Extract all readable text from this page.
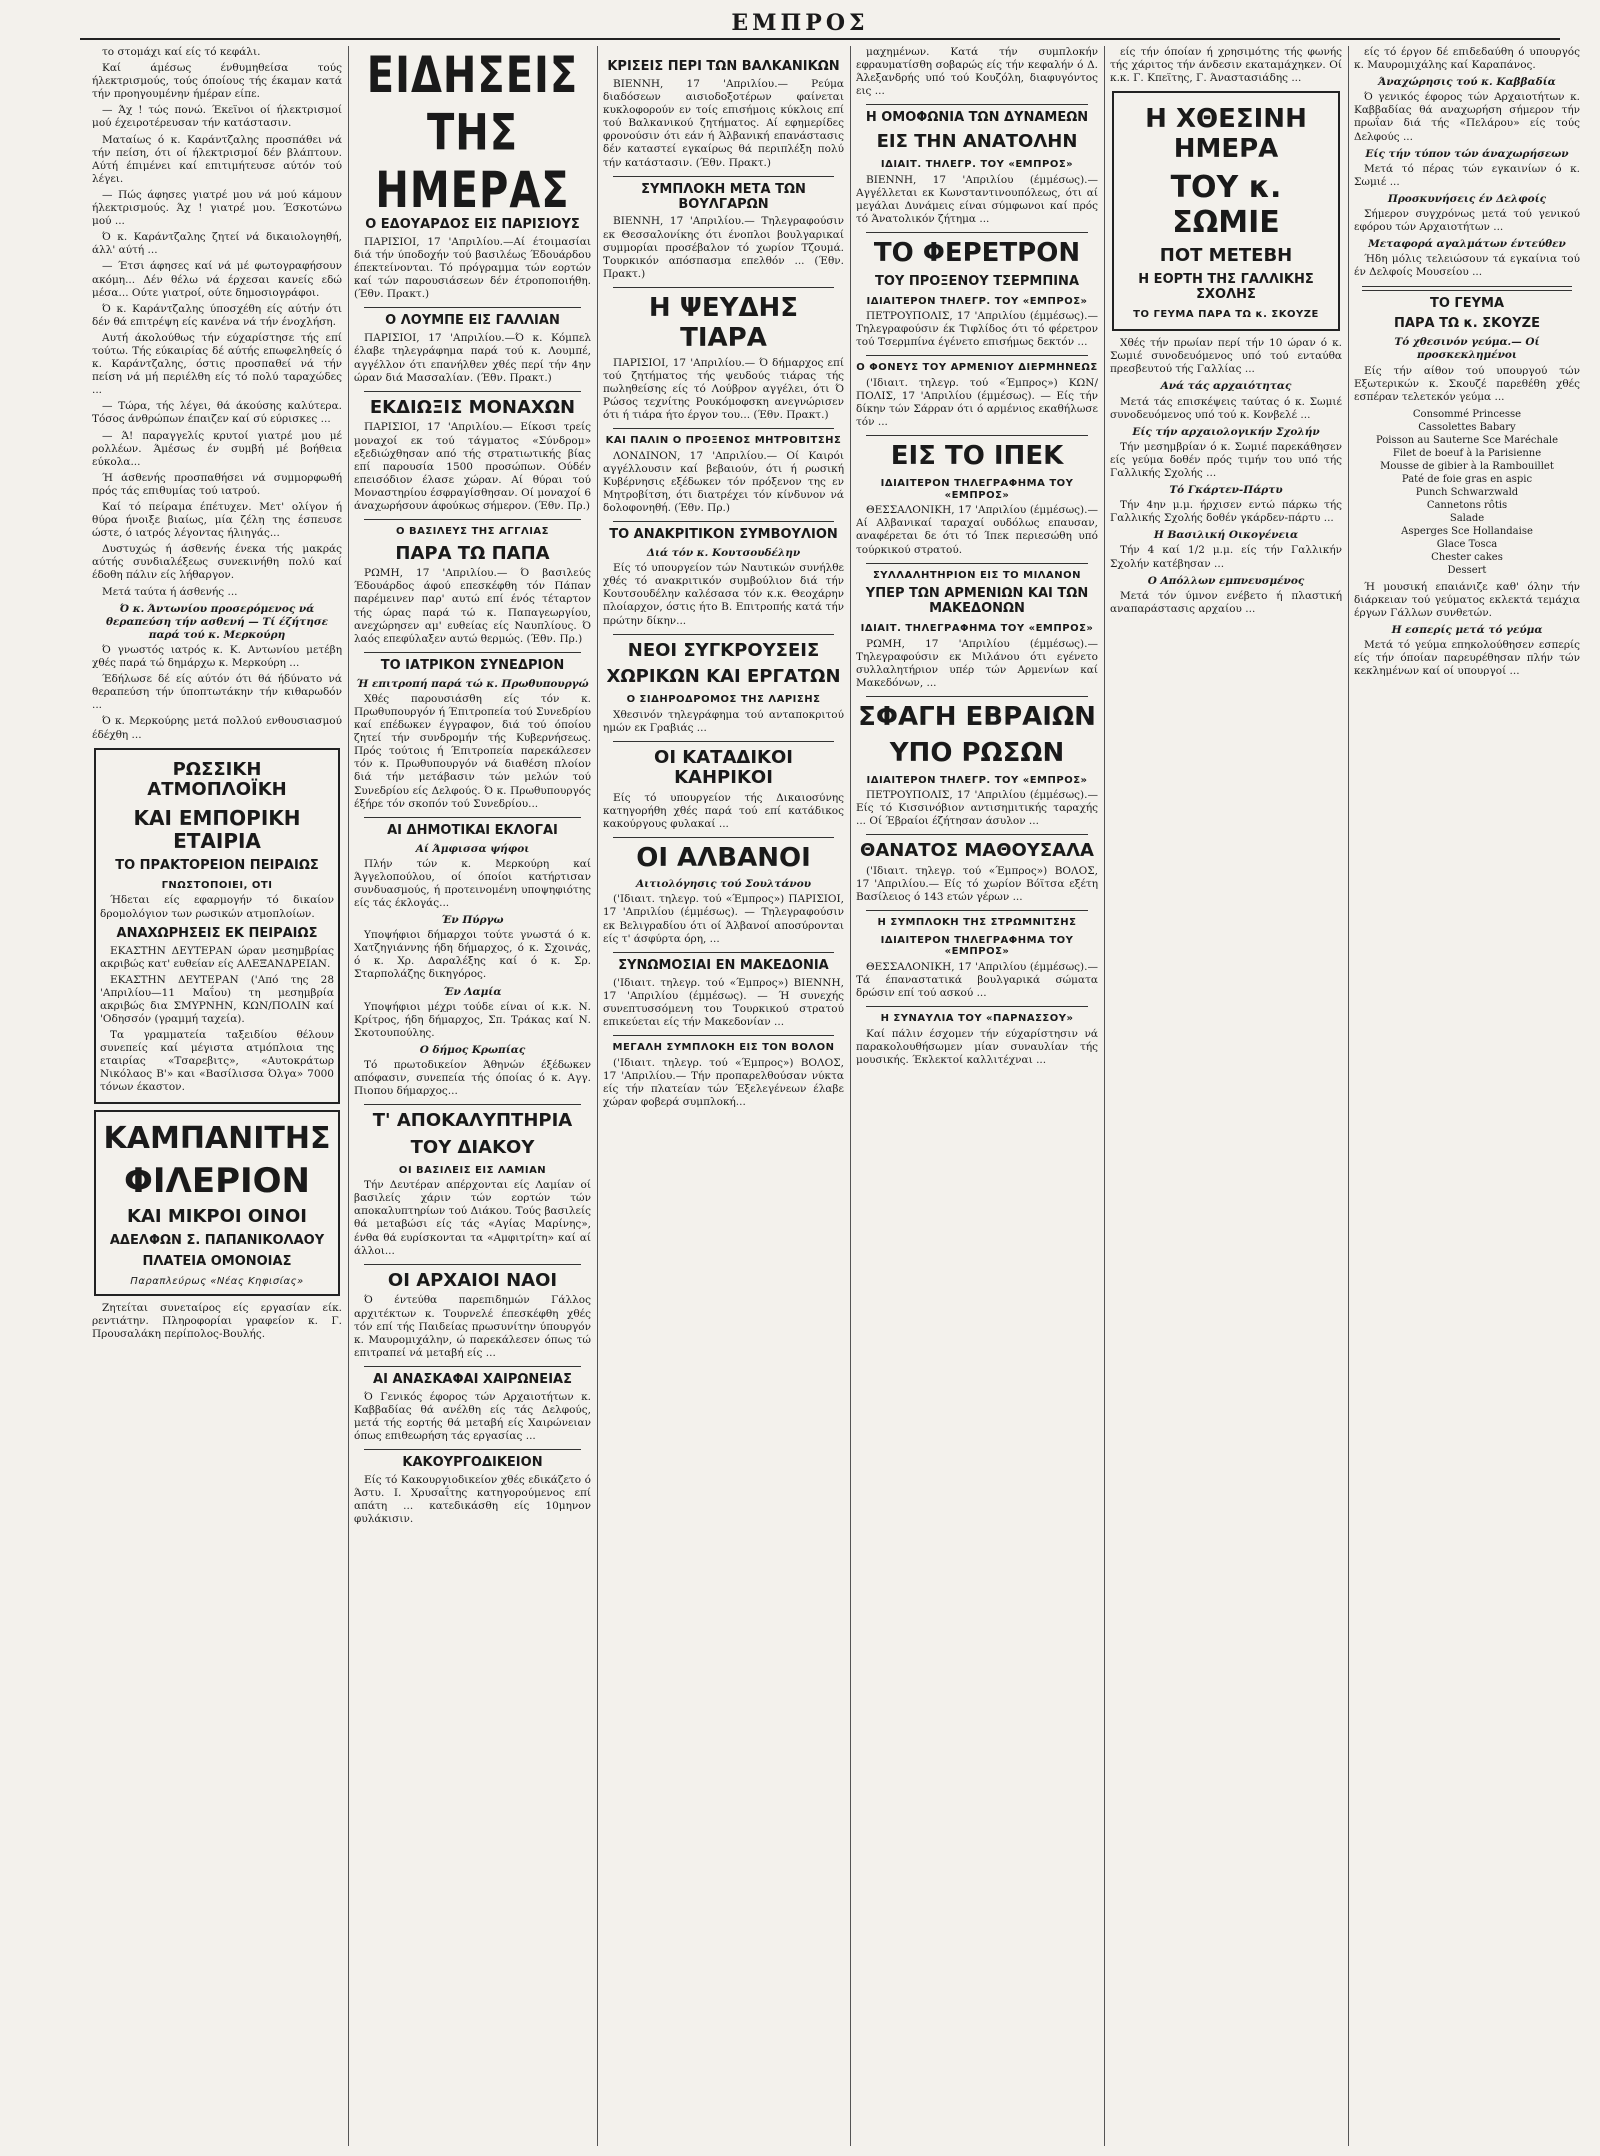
ΕΜΠΡΟΣ

το στομάχι καί είς τό κεφάλι.

Καί άμέσως ένθυμηθείσα τούς ήλεκτρισμούς, τούς όποίους τής έκαμαν κατά τήν προηγουμένην ήμέραν είπε.

— Άχ ! τώς πονώ. Έκεϊνοι οί ήλεκτρισμοί μού έχειροτέρευσαν τήν κατάστασιν.

Ματαίως ό κ. Καράντζαλης προσπάθει νά τήν πείση, ότι οί ήλεκτρισμοί δέν βλάπτουν. Αύτή έπιμένει καί επιτιμήτευσε αύτόν τού λέγει.

— Πώς άφησες γιατρέ μου νά μού κάμουν ήλεκτρισμούς. Άχ ! γιατρέ μου. Έσκοτώνω μού ...

Ό κ. Καράντζαλης ζητεί νά δικαιολογηθή, άλλ' αύτή ...

— Έτσι άφησες καί νά μέ φωτογραφήσουν ακόμη... Δέν θέλω νά έρχεσαι κανείς εδώ μέσα... Ούτε γιατροί, ούτε δημοσιογράφοι.

Ό κ. Καράντζαλης ύποσχέθη είς αύτήν ότι δέν θά επιτρέψη είς κανένα νά τήν ένοχλήση.

Αυτή άκολούθως τήν εύχαρίστησε τής επί τούτω. Τής εύκαιρίας δέ αύτής επωφεληθείς ό κ. Καράντζαλης, όστις προσπαθεί νά τήν πείση νά μή περιέλθη είς τό πολύ ταραχώδες ...

— Τώρα, τής λέγει, θά άκούσης καλύτερα. Τόσος άνθρώπων έπαιζεν καί σύ εύρισκες ...

— Ά! παραγγελίς κρυτοί γιατρέ μου μέ ρολλέων. Άμέσως έν συμβή μέ βοήθεια εύκολα...

Ή άσθενής προσπαθήσει νά συμμορφωθή πρός τάς επιθυμίας τού ιατρού.

Καί τό πείραμα έπέτυχεν. Μετ' ολίγον ή θύρα ήνοιξε βιαίως, μία ζέλη της έσπευσε ώστε, ό ιατρός λέγοντας ήλιηγάς...

Δυστυχώς ή άσθενής ένεκα τής μακράς αύτής συνδιαλέξεως συνεκινήθη πολύ καί έδοθη πάλιν είς λήθαργον.

Μετά ταύτα ή άσθενής ...

Ό κ. Άντωνίου προσερόμενος νά θεραπεύση τήν ασθενή — Τί έζήτησε παρά τού κ. Μερκούρη

Ό γνωστός ιατρός κ. Κ. Αντωνίου μετέβη χθές παρά τώ δημάρχω κ. Μερκούρη ...

Έδήλωσε δέ είς αύτόν ότι θά ήδύνατο νά θεραπεύση τήν ύποπτωτάκην τήν κιθαρωδόν ...

Ό κ. Μερκούρης μετά πολλού ενθουσιασμού έδέχθη ...

ΡΩΣΣΙΚΗ ΑΤΜΟΠΛΟΪΚΗ
ΚΑΙ ΕΜΠΟΡΙΚΗ ΕΤΑΙΡΙΑ
ΤΟ ΠΡΑΚΤΟΡΕΙΟΝ ΠΕΙΡΑΙΩΣ
ΓΝΩΣΤΟΠΟΙΕΙ, ΟΤΙ

Ήδεται είς εφαρμογήν τό δικαίον δρομολόγιον των ρωσικών ατμοπλοίων.

ΑΝΑΧΩΡΗΣΕΙΣ ΕΚ ΠΕΙΡΑΙΩΣ

ΕΚΑΣΤΗΝ ΔΕΥΤΕΡΑΝ ώραν μεσημβρίας ακριβώς κατ' ευθείαν είς ΑΛΕΞΑΝΔΡΕΙΑΝ.

ΕΚΑΣΤΗΝ ΔΕΥΤΕΡΑΝ ('Από της 28 'Απριλίου—11 Μαΐου) τη μεσημβρία ακριβώς δια ΣΜΥΡΝΗΝ, ΚΩΝ/ΠΟΛΙΝ καί 'Οδησσόν (γραμμή ταχεία).

Τα γραμματεία ταξειδίου θέλουν συνεπείς καί μέγιστα ατμόπλοια της εταιρίας «Τσαρεβιτς», «Αυτοκράτωρ Νικόλαος Β'» και «Βασίλισσα Όλγα» 7000 τόνων έκαστον.

ΚΑΜΠΑΝΙΤΗΣ
ΦΙΛΕΡΙΟΝ
ΚΑΙ ΜΙΚΡΟΙ ΟΙΝΟΙ
ΑΔΕΛΦΩΝ Σ. ΠΑΠΑΝΙΚΟΛΑΟΥ
ΠΛΑΤΕΙΑ ΟΜΟΝΟΙΑΣ
Παραπλεύρως «Νέας Κηφισίας»

Ζητείται συνεταίρος είς εργασίαν είκ. ρεντιάτην. Πληροφορίαι γραφείον κ. Γ. Προυσαλάκη περίπολος-Βουλής.

ΕΙΔΗΣΕΙΣ ΤΗΣ ΗΜΕΡΑΣ
Ο ΕΔΟΥΑΡΔΟΣ ΕΙΣ ΠΑΡΙΣΙΟΥΣ

ΠΑΡΙΣΙΟΙ, 17 'Απριλίου.—Αί έτοιμασίαι διά τήν ύποδοχήν τού βασιλέως Έδουάρδου έπεκτείνονται. Τό πρόγραμμα τών εορτών καί τών παρουσιάσεων δέν έτροποποιήθη. (Έθν. Πρακτ.)

Ο ΛΟΥΜΠΕ ΕΙΣ ΓΑΛΛΙΑΝ

ΠΑΡΙΣΙΟΙ, 17 'Απριλίου.—Ό κ. Κόμπελ έλαβε τηλεγράφημα παρά τού κ. Λουμπέ, αγγέλλον ότι επανήλθεν χθές περί τήν 4ην ώραν διά Μασσαλίαν. (Έθν. Πρακτ.)

ΕΚΔΙΩΞΙΣ ΜΟΝΑΧΩΝ

ΠΑΡΙΣΙΟΙ, 17 'Απριλίου.— Είκοσι τρείς μοναχοί εκ τού τάγματος «Σύνδρομ» εξεδιώχθησαν από τής στρατιωτικής βίας επί παρουσία 1500 προσώπων. Ούδέν επεισόδιον έλασε χώραν. Αί θύραι τού Μοναστηρίου έσφραγίσθησαν. Οί μοναχοί 6 άναχωρήσουν άφούκως σήμερον. (Έθν. Πρ.)

Ο ΒΑΣΙΛΕΥΣ ΤΗΣ ΑΓΓΛΙΑΣ
ΠΑΡΑ ΤΩ ΠΑΠΑ

ΡΩΜΗ, 17 'Απριλίου.— Ό βασιλεύς Έδουάρδος άφού επεσκέφθη τόν Πάπαν παρέμεινεν παρ' αυτώ επί ένός τέταρτον τής ώρας παρά τώ κ. Παπαγεωργίου, ανεχώρησεν αμ' ευθείας είς Ναυπλίους. Ό λαός επεφύλαξεν αυτώ θερμώς. (Έθν. Πρ.)

ΤΟ ΙΑΤΡΙΚΟΝ ΣΥΝΕΔΡΙΟΝ
Ή επιτροπή παρά τώ κ. Πρωθυπουργώ

Χθές παρουσιάσθη είς τόν κ. Πρωθυπουργόν ή Έπιτροπεία τού Συνεδρίου καί επέδωκεν έγγραφον, διά τού όποίου ζητεί τήν συνδρομήν τής Κυβερνήσεως. Πρός τούτοις ή Έπιτροπεία παρεκάλεσεν τόν κ. Πρωθυπουργόν νά διαθέση πλοίον διά τήν μετάβασιν τών μελών τού Συνεδρίου είς Δελφούς. Ό κ. Πρωθυπουργός έξήρε τόν σκοπόν τού Συνεδρίου...

ΑΙ ΔΗΜΟΤΙΚΑΙ ΕΚΛΟΓΑΙ
Αί Άμφισσα ψήφοι

Πλήν τών κ. Μερκούρη καί Άγγελοπούλου, οί όποίοι κατήρτισαν συνδυασμούς, ή προτεινομένη υποψηφιότης είς τάς έκλογάς...

Έν Πύργω

Υποψήφιοι δήμαρχοι τούτε γνωστά ό κ. Χατζηγιάννης ήδη δήμαρχος, ό κ. Σχοινάς, ό κ. Χρ. Δαραλέξης καί ό κ. Σρ. Σταρπολάζης δικηγόρος.

Έν Λαμία

Υποψήφιοι μέχρι τούδε είναι οί κ.κ. Ν. Κρίτρος, ήδη δήμαρχος, Σπ. Τράκας καί Ν. Σκοτουπούλης.

Ο δήμος Κρωπίας

Τό πρωτοδικείον Άθηνών έξέδωκεν απόφασιν, συνεπεία τής όποίας ό κ. Αγγ. Πιοπου δήμαρχος...

Τ' ΑΠΟΚΑΛΥΠΤΗΡΙΑ
ΤΟΥ ΔΙΑΚΟΥ
ΟΙ ΒΑΣΙΛΕΙΣ ΕΙΣ ΛΑΜΙΑΝ

Τήν Δευτέραν απέρχονται είς Λαμίαν οί βασιλείς χάριν τών εορτών τών αποκαλυπτηρίων τού Διάκου. Τούς βασιλείς θά μεταβώσι είς τάς «Αγίας Μαρίνης», ένθα θά ευρίσκονται τα «Αμφιτρίτη» καί αί άλλοι...

ΟΙ ΑΡΧΑΙΟΙ ΝΑΟΙ

Ό έντεύθα παρεπιδημών Γάλλος αρχιτέκτων κ. Τουρνελέ έπεσκέφθη χθές τόν επί τής Παιδείας πρωσυνίτην ύπουργόν κ. Μαυρομιχάλην, ώ παρεκάλεσεν όπως τώ επιτραπεί νά μεταβή είς ...

ΑΙ ΑΝΑΣΚΑΦΑΙ ΧΑΙΡΩΝΕΙΑΣ

Ό Γενικός έφορος τών Αρχαιοτήτων κ. Καββαδίας θά ανέλθη είς τάς Δελφούς, μετά τής εορτής θά μεταβή είς Χαιρώνειαν όπως επιθεωρήση τάς εργασίας ...

ΚΑΚΟΥΡΓΟΔΙΚΕΙΟΝ

Είς τό Κακουργιοδικείον χθές εδικάζετο ό Άστυ. Ι. Χρυσαΐτης κατηγορούμενος επί απάτη ... κατεδικάσθη είς 10μηνον φυλάκισιν.

ΚΡΙΣΕΙΣ ΠΕΡΙ ΤΩΝ ΒΑΛΚΑΝΙΚΩΝ

ΒΙΕΝΝΗ, 17 'Απριλίου.— Ρεύμα διαδόσεων αισιοδοξοτέρων φαίνεται κυκλοφορούν εν τοίς επισήμοις κύκλοις επί τού Βαλκανικού ζητήματος. Αί εφημερίδες φρονούσιν ότι εάν ή Άλβανική επανάστασις δέν καταστεί εγκαίρως θά περιπλέξη πολύ τήν κατάστασιν. (Έθν. Πρακτ.)

ΣΥΜΠΛΟΚΗ ΜΕΤΑ ΤΩΝ ΒΟΥΛΓΑΡΩΝ

ΒΙΕΝΝΗ, 17 'Απριλίου.— Τηλεγραφούσιν εκ Θεσσαλονίκης ότι ένοπλοι βουλγαρικαί συμμορίαι προσέβαλον τό χωρίον Τζουμά. Τουρκικόν απόσπασμα επελθόν ... (Έθν. Πρακτ.)

Η ΨΕΥΔΗΣ ΤΙΑΡΑ

ΠΑΡΙΣΙΟΙ, 17 'Απριλίου.— Ό δήμαρχος επί τού ζητήματος τής ψευδούς τιάρας τής πωληθείσης είς τό Λούβρον αγγέλει, ότι Ό Ρώσος τεχνίτης Ρουκόμοφσκη ανεγνώρισεν ότι ή τιάρα ήτο έργον του... (Έθν. Πρακτ.)

ΚΑΙ ΠΑΛΙΝ Ο ΠΡΟΞΕΝΟΣ ΜΗΤΡΟΒΙΤΣΗΣ

ΛΟΝΔΙΝΟΝ, 17 'Απριλίου.— Οί Καιρόι αγγέλλουσιν καί βεβαιούν, ότι ή ρωσική Κυβέρνησις εξέδωκεν τόν πρόξενον της εν Μητροβίτση, ότι διατρέχει τόν κίνδυνον νά δολοφονηθή. (Έθν. Πρ.)

ΤΟ ΑΝΑΚΡΙΤΙΚΟΝ ΣΥΜΒΟΥΛΙΟΝ
Διά τόν κ. Κουτσουδέλην

Είς τό υπουργείον τών Ναυτικών συνήλθε χθές τό ανακριτικόν συμβούλιον διά τήν Κουτσουδέλην καλέσασα τόν κ.κ. Θεοχάρην πλοίαρχον, όστις ήτο Β. Επιτροπής κατά τήν πρώτην δίκην...

ΝΕΟΙ ΣΥΓΚΡΟΥΣΕΙΣ
ΧΩΡΙΚΩΝ ΚΑΙ ΕΡΓΑΤΩΝ
Ο ΣΙΔΗΡΟΔΡΟΜΟΣ ΤΗΣ ΛΑΡΙΣΗΣ

Χθεσινόν τηλεγράφημα τού ανταποκριτού ημών εκ Γραβιάς ...

ΟΙ ΚΑΤΑΔΙΚΟΙ ΚΑΗΡΙΚΟΙ

Είς τό υπουργείον τής Δικαιοσύνης κατηγορήθη χθές παρά τού επί κατάδικος κακούργους φυλακαί ...

ΟΙ ΑΛΒΑΝΟΙ
Αιτιολόγησις τού Σουλτάνου

('Ιδιαιτ. τηλεγρ. τού «Έμπρος») ΠΑΡΙΣΙΟΙ, 17 'Απριλίου (έμμέσως). — Τηλεγραφούσιν εκ Βελιγραδίου ότι οί Άλβανοί αποσύρονται είς τ' άσφύρτα όρη, ...

ΣΥΝΩΜΟΣΙΑΙ ΕΝ ΜΑΚΕΔΟΝΙΑ

('Ιδιαιτ. τηλεγρ. τού «Έμπρος») ΒΙΕΝΝΗ, 17 'Απριλίου (έμμέσως). — Ή συνεχής συνεπτυσσόμενη του Τουρκικού στρατού επικεύεται είς τήν Μακεδονίαν ...

ΜΕΓΑΛΗ ΣΥΜΠΛΟΚΗ ΕΙΣ ΤΟΝ ΒΟΛΟΝ

('Ιδιαιτ. τηλεγρ. τού «Έμπρος») ΒΟΛΟΣ, 17 'Απριλίου.— Τήν προπαρελθούσαν νύκτα είς τήν πλατείαν τών Έξελεγένεων έλαβε χώραν φοβερά συμπλοκή...

μαχημένων. Κατά τήν συμπλοκήν εφραυματίσθη σοβαρώς είς τήν κεφαλήν ό Δ. Άλεξανδρής υπό τού Κουζόλη, διαφυγόντος εις ...

Η ΟΜΟΦΩΝΙΑ ΤΩΝ ΔΥΝΑΜΕΩΝ
ΕΙΣ ΤΗΝ ΑΝΑΤΟΛΗΝ
ΙΔΙΑΙΤ. ΤΗΛΕΓΡ. ΤΟΥ «ΕΜΠΡΟΣ»

ΒΙΕΝΝΗ, 17 'Απριλίου (έμμέσως).— Αγγέλλεται εκ Κωνσταντινουπόλεως, ότι αί μεγάλαι Δυνάμεις είναι σύμφωνοι καί πρός τό Άνατολικόν ζήτημα ...

ΤΟ ΦΕΡΕΤΡΟΝ
ΤΟΥ ΠΡΟΞΕΝΟΥ ΤΣΕΡΜΠΙΝΑ
ΙΔΙΑΙΤΕΡΟΝ ΤΗΛΕΓΡ. ΤΟΥ «ΕΜΠΡΟΣ»

ΠΕΤΡΟΥΠΟΛΙΣ, 17 'Απριλίου (έμμέσως).— Τηλεγραφούσιν έκ Τιφλίδος ότι τό φέρετρον τού Τσερμπίνα έγένετο επισήμως δεκτόν ...

Ο ΦΟΝΕΥΣ ΤΟΥ ΑΡΜΕΝΙΟΥ ΔΙΕΡΜΗΝΕΩΣ

('Ιδιαιτ. τηλεγρ. τού «Έμπρος») ΚΩΝ/ΠΟΛΙΣ, 17 'Απριλίου (έμμέσως). — Είς τήν δίκην τών Σάρραν ότι ό αρμένιος εκαθήλωσε τόν ...

ΕΙΣ ΤΟ ΙΠΕΚ
ΙΔΙΑΙΤΕΡΟΝ ΤΗΛΕΓΡΑΦΗΜΑ ΤΟΥ «ΕΜΠΡΟΣ»

ΘΕΣΣΑΛΟΝΙΚΗ, 17 'Απριλίου (έμμέσως).— Αί Αλβανικαί ταραχαί ουδόλως επαυσαν, αναφέρεται δε ότι τό Ίπεκ περιεσώθη υπό τούρκικού στρατού.

ΣΥΛΛΑΛΗΤΗΡΙΟΝ ΕΙΣ ΤΟ ΜΙΛΑΝΟΝ
ΥΠΕΡ ΤΩΝ ΑΡΜΕΝΙΩΝ ΚΑΙ ΤΩΝ ΜΑΚΕΔΟΝΩΝ
ΙΔΙΑΙΤ. ΤΗΛΕΓΡΑΦΗΜΑ ΤΟΥ «ΕΜΠΡΟΣ»

ΡΩΜΗ, 17 'Απριλίου (έμμέσως).— Τηλεγραφούσιν εκ Μιλάνου ότι εγένετο συλλαλητήριον υπέρ τών Αρμενίων καί Μακεδόνων, ...

ΣΦΑΓΗ ΕΒΡΑΙΩΝ
ΥΠΟ ΡΩΣΩΝ
ΙΔΙΑΙΤΕΡΟΝ ΤΗΛΕΓΡ. ΤΟΥ «ΕΜΠΡΟΣ»

ΠΕΤΡΟΥΠΟΛΙΣ, 17 'Απριλίου (έμμέσως).— Είς τό Κισσινόβιον αντισημιτικής ταραχής ... Οί Έβραίοι έζήτησαν άσυλον ...

ΘΑΝΑΤΟΣ ΜΑΘΟΥΣΑΛΑ

('Ιδιαιτ. τηλεγρ. τού «Έμπρος») ΒΟΛΟΣ, 17 'Απριλίου.— Είς τό χωρίον Βόϊτσα εξέτη Βασίλειος ό 143 ετών γέρων ...

Η ΣΥΜΠΛΟΚΗ ΤΗΣ ΣΤΡΩΜΝΙΤΣΗΣ
ΙΔΙΑΙΤΕΡΟΝ ΤΗΛΕΓΡΑΦΗΜΑ ΤΟΥ «ΕΜΠΡΟΣ»

ΘΕΣΣΑΛΟΝΙΚΗ, 17 'Απριλίου (έμμέσως).— Τά έπαναστατικά βουλγαρικά σώματα δρώσιν επί τού ασκού ...

Η ΣΥΝΑΥΛΙΑ ΤΟΥ «ΠΑΡΝΑΣΣΟΥ»

Καί πάλιν έσχομεν τήν εύχαρίστησιν νά παρακολουθήσωμεν μίαν συναυλίαν τής μουσικής. Έκλεκτοί καλλιτέχναι ...

είς τήν όποίαν ή χρησιμότης τής φωνής τής χάριτος τήν άνδεσιν εκαταμάχηκεν. Οί κ.κ. Γ. Κπεϊτης, Γ. Άναστασιάδης ...

Η ΧΘΕΣΙΝΗ ΗΜΕΡΑ
ΤΟΥ κ. ΣΩΜΙΕ
ΠΟΤ ΜΕΤΕΒΗ
Η ΕΟΡΤΗ ΤΗΣ ΓΑΛΛΙΚΗΣ ΣΧΟΛΗΣ
ΤΟ ΓΕΥΜΑ ΠΑΡΑ ΤΩ κ. ΣΚΟΥΖΕ

Χθές τήν πρωίαν περί τήν 10 ώραν ό κ. Σωμιέ συνοδευόμενος υπό τού ενταύθα πρεσβευτού τής Γαλλίας ...

Ανά τάς αρχαιότητας

Μετά τάς επισκέψεις ταύτας ό κ. Σωμιέ συνοδευόμενος υπό τού κ. Κονβελέ ...

Είς τήν αρχαιολογικήν Σχολήν

Τήν μεσημβρίαν ό κ. Σωμιέ παρεκάθησεν είς γεύμα δοθέν πρός τιμήν του υπό τής Γαλλικής Σχολής ...

Τό Γκάρτεν-Πάρτυ

Τήν 4ην μ.μ. ήρχισεν εντώ πάρκω τής Γαλλικής Σχολής δοθέν γκάρδεν-πάρτυ ...

Η Βασιλική Οικογένεια

Τήν 4 καί 1/2 μ.μ. είς τήν Γαλλικήν Σχολήν κατέβησαν ...

Ο Απόλλων εμπνευσμένος

Μετά τόν ύμνον ενέβετο ή πλαστική αναπαράστασις αρχαίου ...

είς τό έργον δέ επιδεδαύθη ό υπουργός κ. Μαυρομιχάλης καί Καραπάνος.

Άναχώρησις τού κ. Καββαδία

Ό γενικός έφορος τών Αρχαιοτήτων κ. Καββαδίας θά αναχωρήση σήμερον τήν πρωΐαν διά τής «Πελάρου» είς τούς Δελφούς ...

Είς τήν τύπον τών άναχωρήσεων

Μετά τό πέρας τών εγκαινίων ό κ. Σωμιέ ...

Προσκυνήσεις έν Δελφοίς

Σήμερον συγχρόνως μετά τού γενικού εφόρου τών Αρχαιοτήτων ...

Μεταφορά αγαλμάτων έντεύθεν

Ήδη μόλις τελειώσουν τά εγκαίνια τού έν Δελφοίς Μουσείου ...

ΤΟ ΓΕΥΜΑ
ΠΑΡΑ ΤΩ κ. ΣΚΟΥΖΕ
Τό χθεσινόν γεύμα.— Οί προσκεκλημένοι

Είς τήν αίθον τού υπουργού τών Εξωτερικών κ. Σκουζέ παρεθέθη χθές εσπέραν τελετεκόν γεύμα ...

Consommé Princesse
Cassolettes Babary
Poisson au Sauterne Sce Maréchale
Filet de boeuf à la Parisienne
Mousse de gibier à la Rambouillet
Paté de foie gras en aspic
Punch Schwarzwald
Cannetons rôtis
Salade
Asperges Sce Hollandaise
Glace Tosca
Chester cakes
Dessert

Ή μουσική επαιάνιζε καθ' όλην τήν διάρκειαν τού γεύματος εκλεκτά τεμάχια έργων Γάλλων συνθετών.

Η εσπερίς μετά τό γεύμα

Μετά τό γεύμα επηκολούθησεν εσπερίς είς τήν όποίαν παρευρέθησαν πλήν τών κεκλημένων καί οί υπουργοί ...
